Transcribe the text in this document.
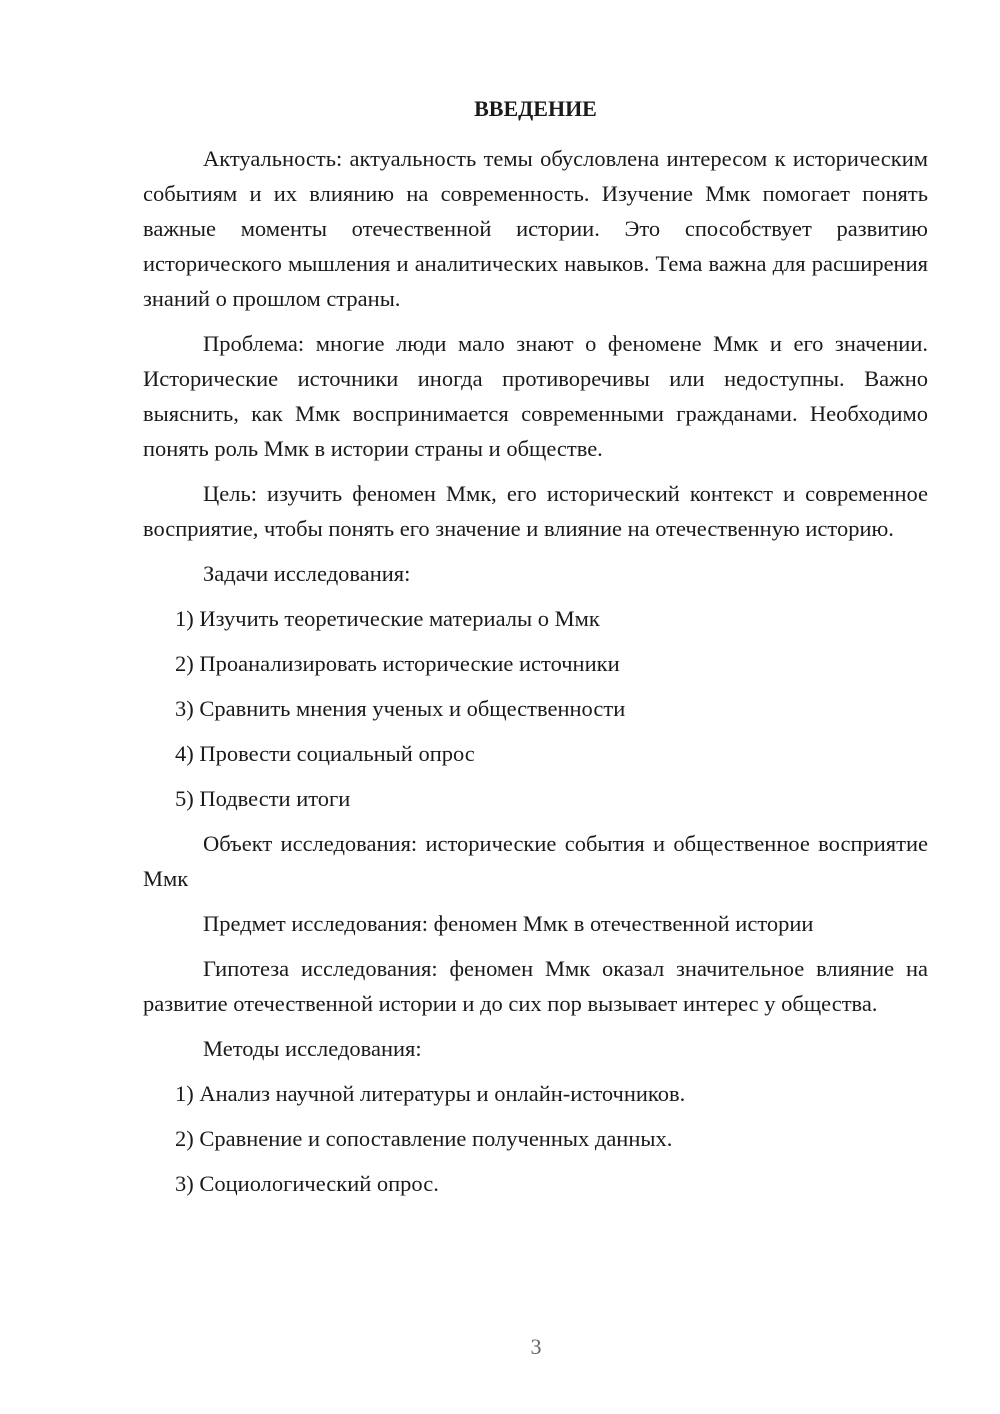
ВВЕДЕНИЕ

Актуальность: актуальность темы обусловлена интересом к историческим событиям и их влиянию на современность. Изучение Ммк помогает понять важные моменты отечественной истории. Это способствует развитию исторического мышления и аналитических навыков. Тема важна для расширения знаний о прошлом страны.

Проблема: многие люди мало знают о феномене Ммк и его значении. Исторические источники иногда противоречивы или недоступны. Важно выяснить, как Ммк воспринимается современными гражданами. Необходимо понять роль Ммк в истории страны и обществе.

Цель: изучить феномен Ммк, его исторический контекст и современное восприятие, чтобы понять его значение и влияние на отечественную историю.

Задачи исследования:

1) Изучить теоретические материалы о Ммк

2) Проанализировать исторические источники

3) Сравнить мнения ученых и общественности

4) Провести социальный опрос

5) Подвести итоги

Объект исследования: исторические события и общественное восприятие Ммк

Предмет исследования: феномен Ммк в отечественной истории

Гипотеза исследования: феномен Ммк оказал значительное влияние на развитие отечественной истории и до сих пор вызывает интерес у общества.

Методы исследования:

1) Анализ научной литературы и онлайн-источников.

2) Сравнение и сопоставление полученных данных.

3) Социологический опрос.

3
